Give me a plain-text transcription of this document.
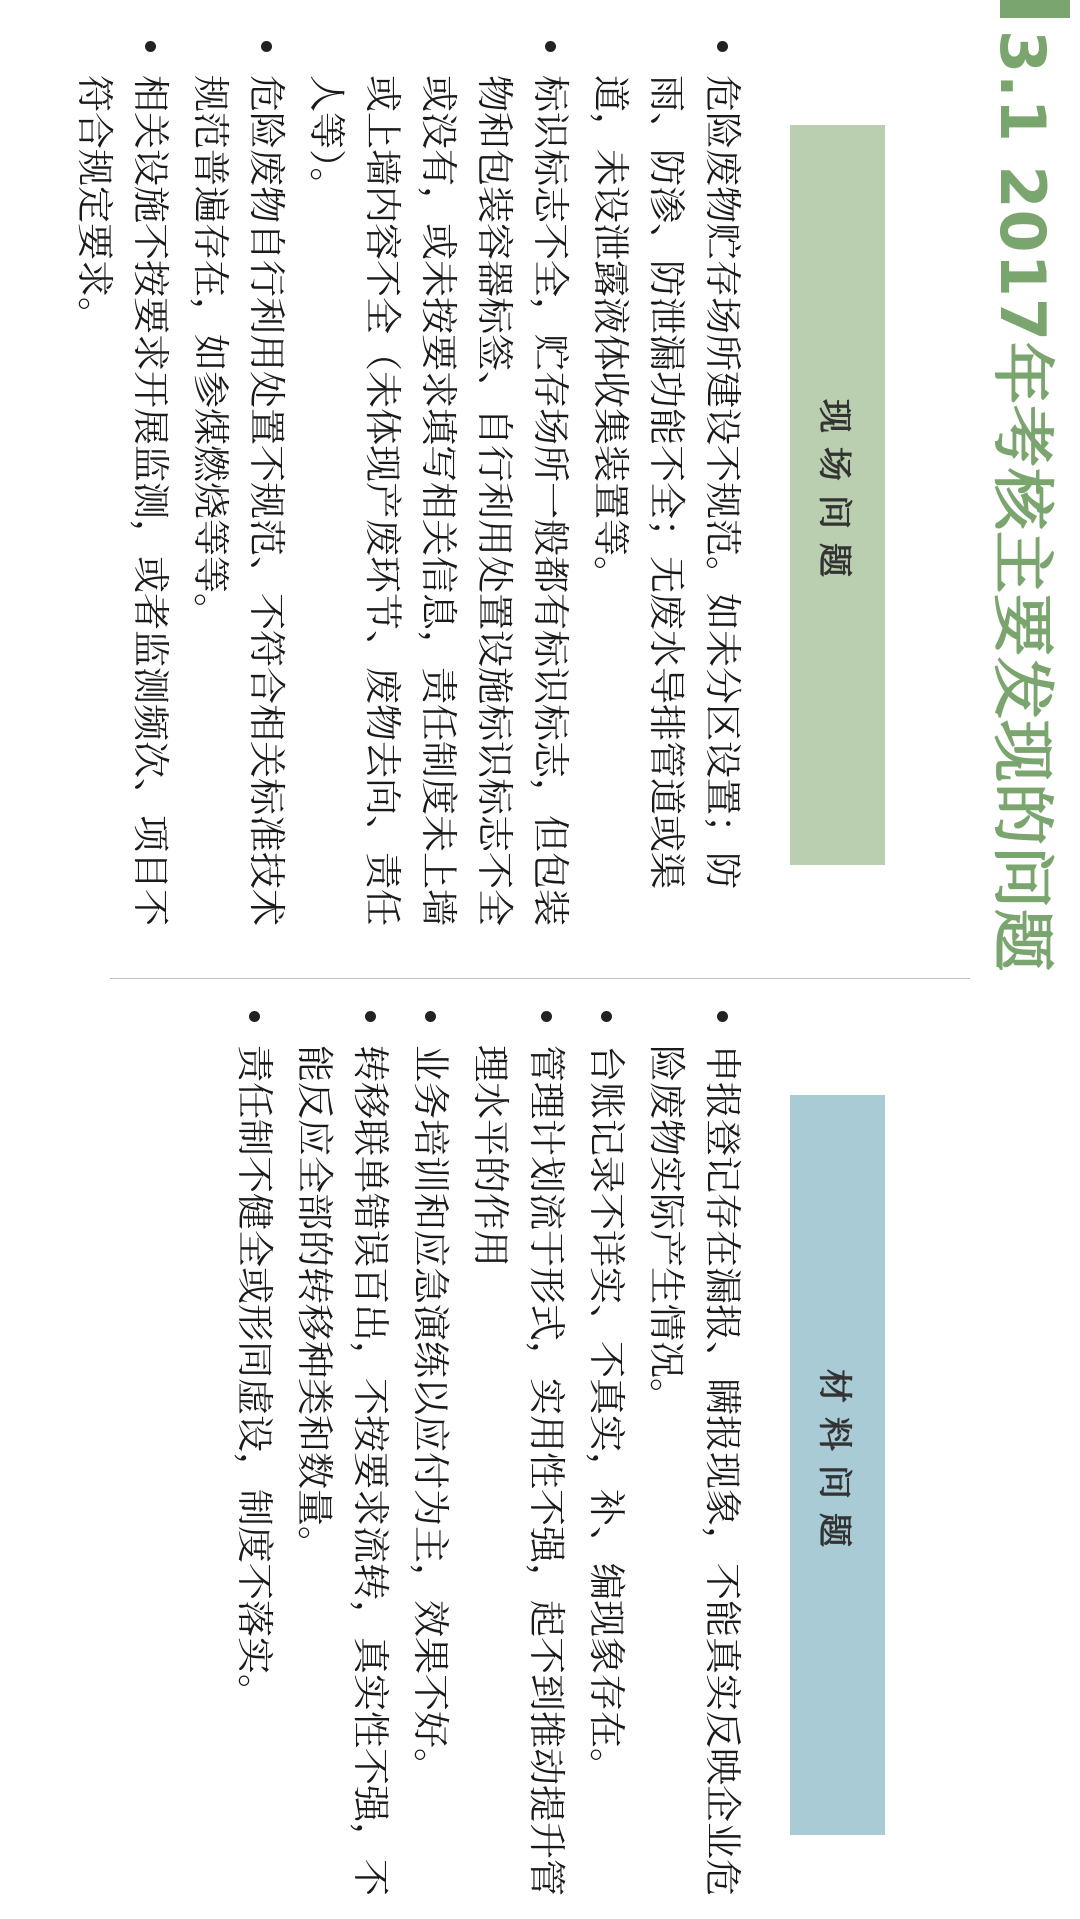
3.1 2017年考核主要发现的问题
现场问题
危险废物贮存场所建设不规范。如未分区设置；防雨、防渗、防泄漏功能不全；无废水导排管道或渠道，未设泄露液体收集装置等。
标识标志不全，贮存场所一般都有标识标志，但包装物和包装容器标签、自行利用处置设施标识标志不全或没有，或未按要求填写相关信息，责任制度未上墙或上墙内容不全（未体现产废环节、废物去向、责任人等）。
危险废物自行利用处置不规范、不符合相关标准技术规范普遍存在，如参煤燃烧等等。
相关设施不按要求开展监测，或者监测频次、项目不符合规定要求。
材料问题
申报登记存在漏报、瞒报现象，不能真实反映企业危险废物实际产生情况。
台账记录不详实、不真实，补、编现象存在。
管理计划流于形式，实用性不强，起不到推动提升管理水平的作用
业务培训和应急演练以应付为主，效果不好。
转移联单错误百出，不按要求流转，真实性不强，不能反应全部的转移种类和数量。
责任制不健全或形同虚设，制度不落实。
